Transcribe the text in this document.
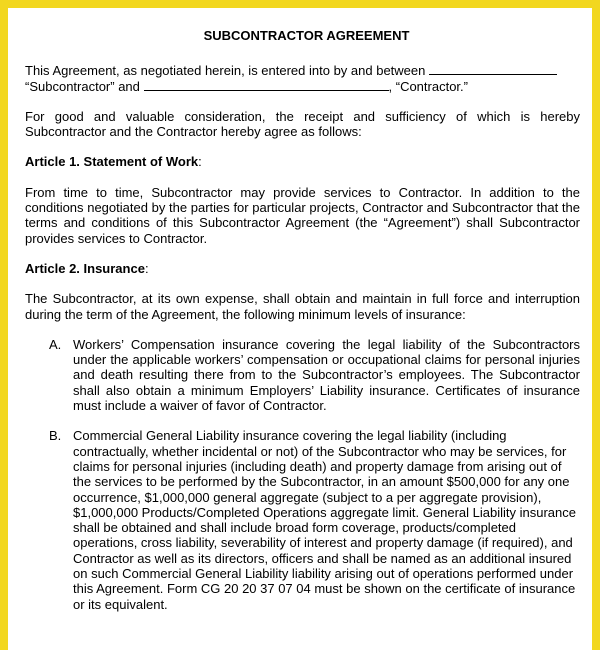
SUBCONTRACTOR AGREEMENT

This Agreement, as negotiated herein, is entered into by and between
“Subcontractor” and	, “Contractor.”

For good and valuable consideration, the receipt and sufficiency of which is hereby Subcontractor and the Contractor hereby agree as follows:

Article 1. Statement of Work:

From time to time, Subcontractor may provide services to Contractor. In addition to the conditions negotiated by the parties for particular projects, Contractor and Subcontractor that the terms and conditions of this Subcontractor Agreement (the “Agreement”) shall Subcontractor provides services to Contractor.

Article 2. Insurance:

The Subcontractor, at its own expense, shall obtain and maintain in full force and interruption during the term of the Agreement, the following minimum levels of insurance:

A. Workers’ Compensation insurance covering the legal liability of the Subcontractors under the applicable workers’ compensation or occupational claims for personal injuries and death resulting there from to the Subcontractor’s employees. The Subcontractor shall also obtain a minimum Employers’ Liability insurance. Certificates of insurance must include a waiver of favor of Contractor.
B. Commercial General Liability insurance covering the legal liability (including contractually, whether incidental or not) of the Subcontractor who may be services, for claims for personal injuries (including death) and property damage from arising out of the services to be performed by the Subcontractor, in an amount $500,000 for any one occurrence, $1,000,000 general aggregate (subject to a per aggregate provision), $1,000,000 Products/Completed Operations aggregate limit. General Liability insurance shall be obtained and shall include broad form coverage, products/completed operations, cross liability, severability of interest and property damage (if required), and Contractor as well as its directors, officers and shall be named as an additional insured on such Commercial General Liability liability arising out of operations performed under this Agreement. Form CG 20 20 37 07 04 must be shown on the certificate of insurance or its equivalent.
